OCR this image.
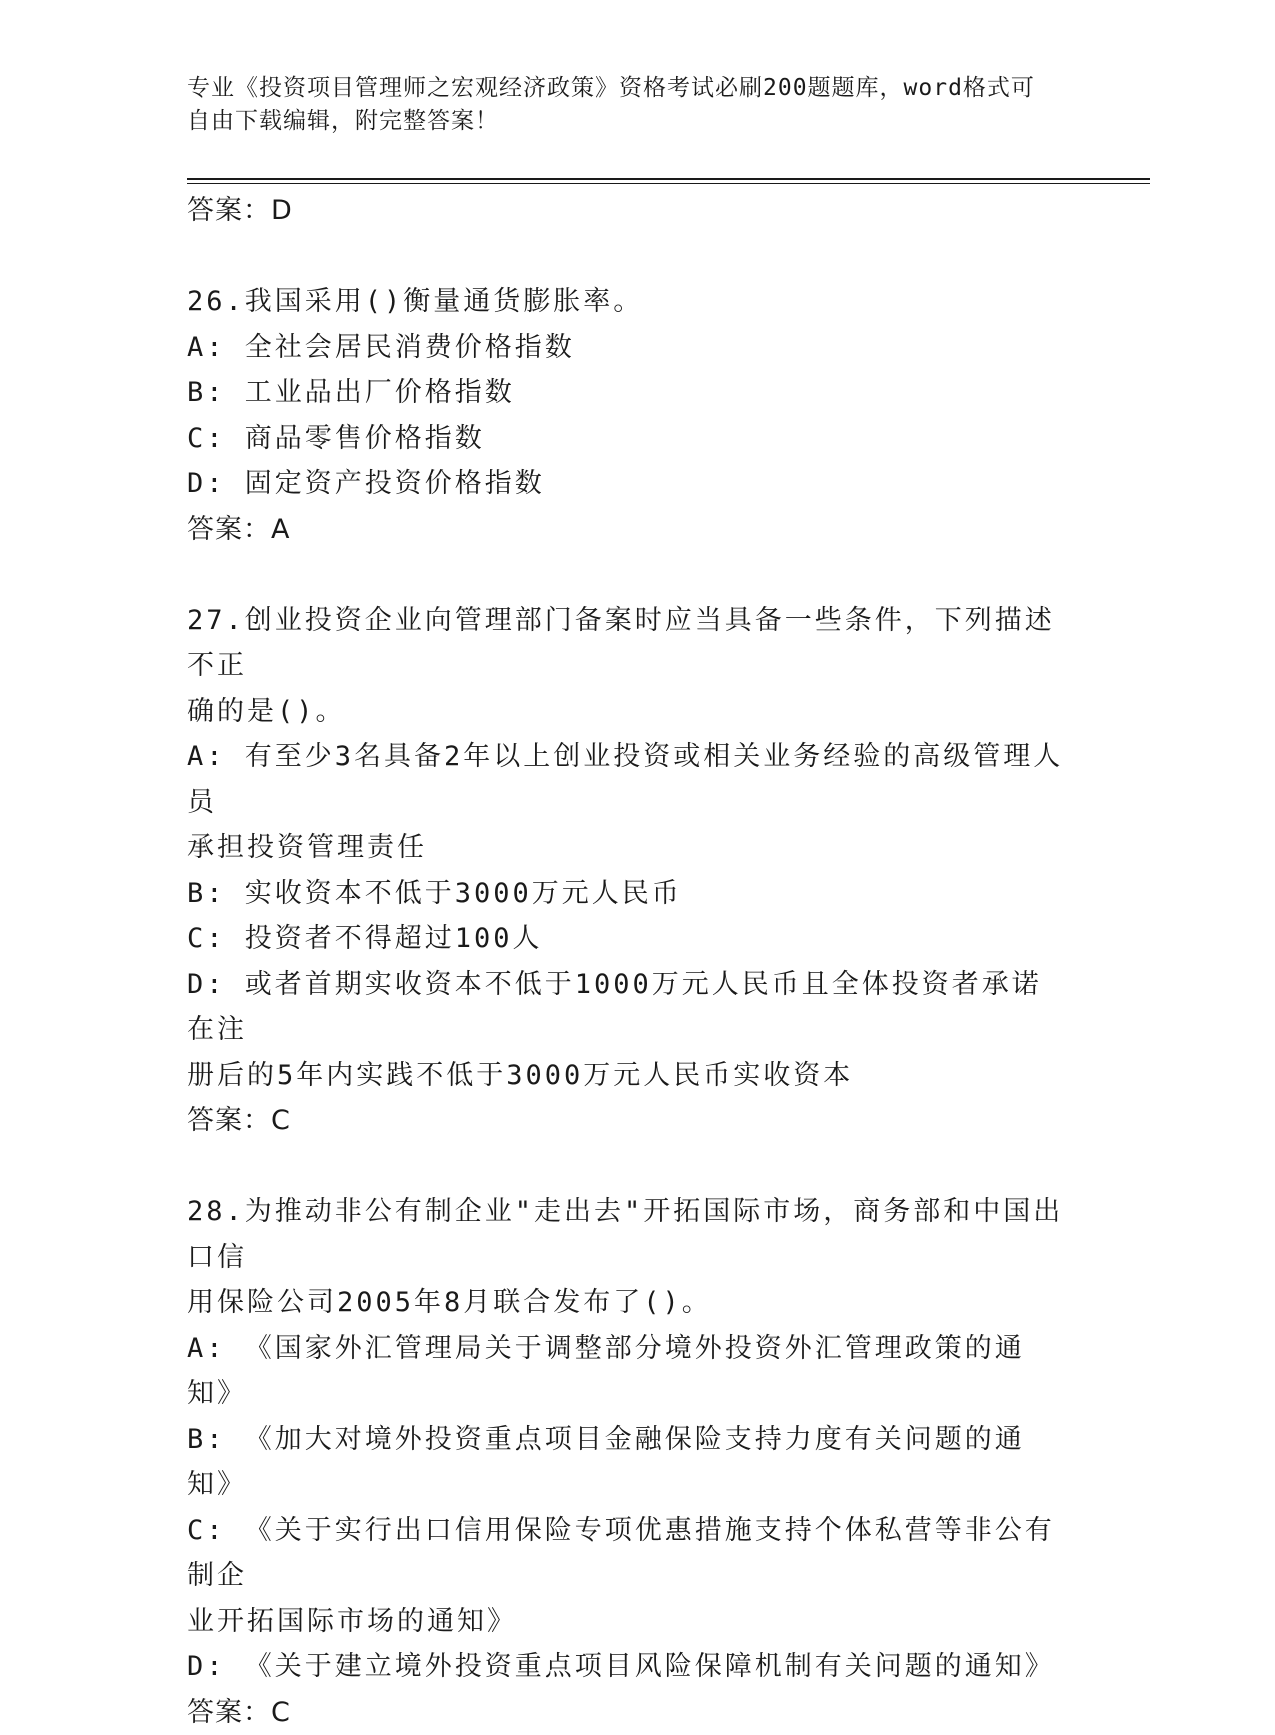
专业《投资项目管理师之宏观经济政策》资格考试必刷200题题库，word格式可
自由下载编辑，附完整答案！
答案：D
26.我国采用()衡量通货膨胀率。
A: 全社会居民消费价格指数
B: 工业品出厂价格指数
C: 商品零售价格指数
D: 固定资产投资价格指数
答案：A
27.创业投资企业向管理部门备案时应当具备一些条件，下列描述不正
确的是()。
A: 有至少3名具备2年以上创业投资或相关业务经验的高级管理人员
承担投资管理责任
B: 实收资本不低于3000万元人民币
C: 投资者不得超过100人
D: 或者首期实收资本不低于1000万元人民币且全体投资者承诺在注
册后的5年内实践不低于3000万元人民币实收资本
答案：C
28.为推动非公有制企业"走出去"开拓国际市场，商务部和中国出口信
用保险公司2005年8月联合发布了()。
A: 《国家外汇管理局关于调整部分境外投资外汇管理政策的通知》
B: 《加大对境外投资重点项目金融保险支持力度有关问题的通知》
C: 《关于实行出口信用保险专项优惠措施支持个体私营等非公有制企
业开拓国际市场的通知》
D: 《关于建立境外投资重点项目风险保障机制有关问题的通知》
答案：C
